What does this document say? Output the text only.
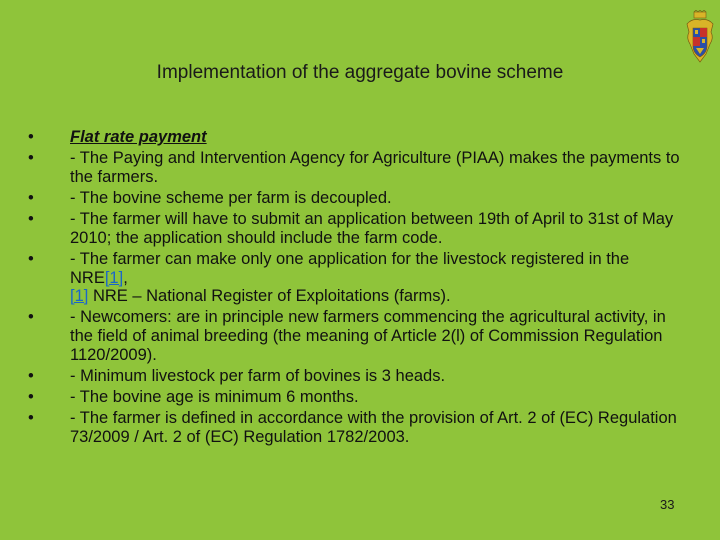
Implementation of the aggregate bovine scheme
• Flat rate payment
• - The Paying and Intervention Agency for Agriculture (PIAA) makes the payments to the farmers.
• - The bovine scheme per farm is decoupled.
• - The farmer will have to submit an application between 19th of April to 31st of May 2010; the application should include the farm code.
• - The farmer can make only one application for the livestock registered in the NRE[1],
[1] NRE – National Register of Exploitations (farms).
• - Newcomers: are in principle new farmers commencing the agricultural activity, in the field of animal breeding (the meaning of Article 2(l) of Commission Regulation 1120/2009).
• - Minimum livestock per farm of bovines is 3 heads.
• - The bovine age is minimum 6 months.
• - The farmer is defined in accordance with the provision of Art. 2 of (EC) Regulation 73/2009 / Art. 2 of (EC) Regulation 1782/2003.
33
